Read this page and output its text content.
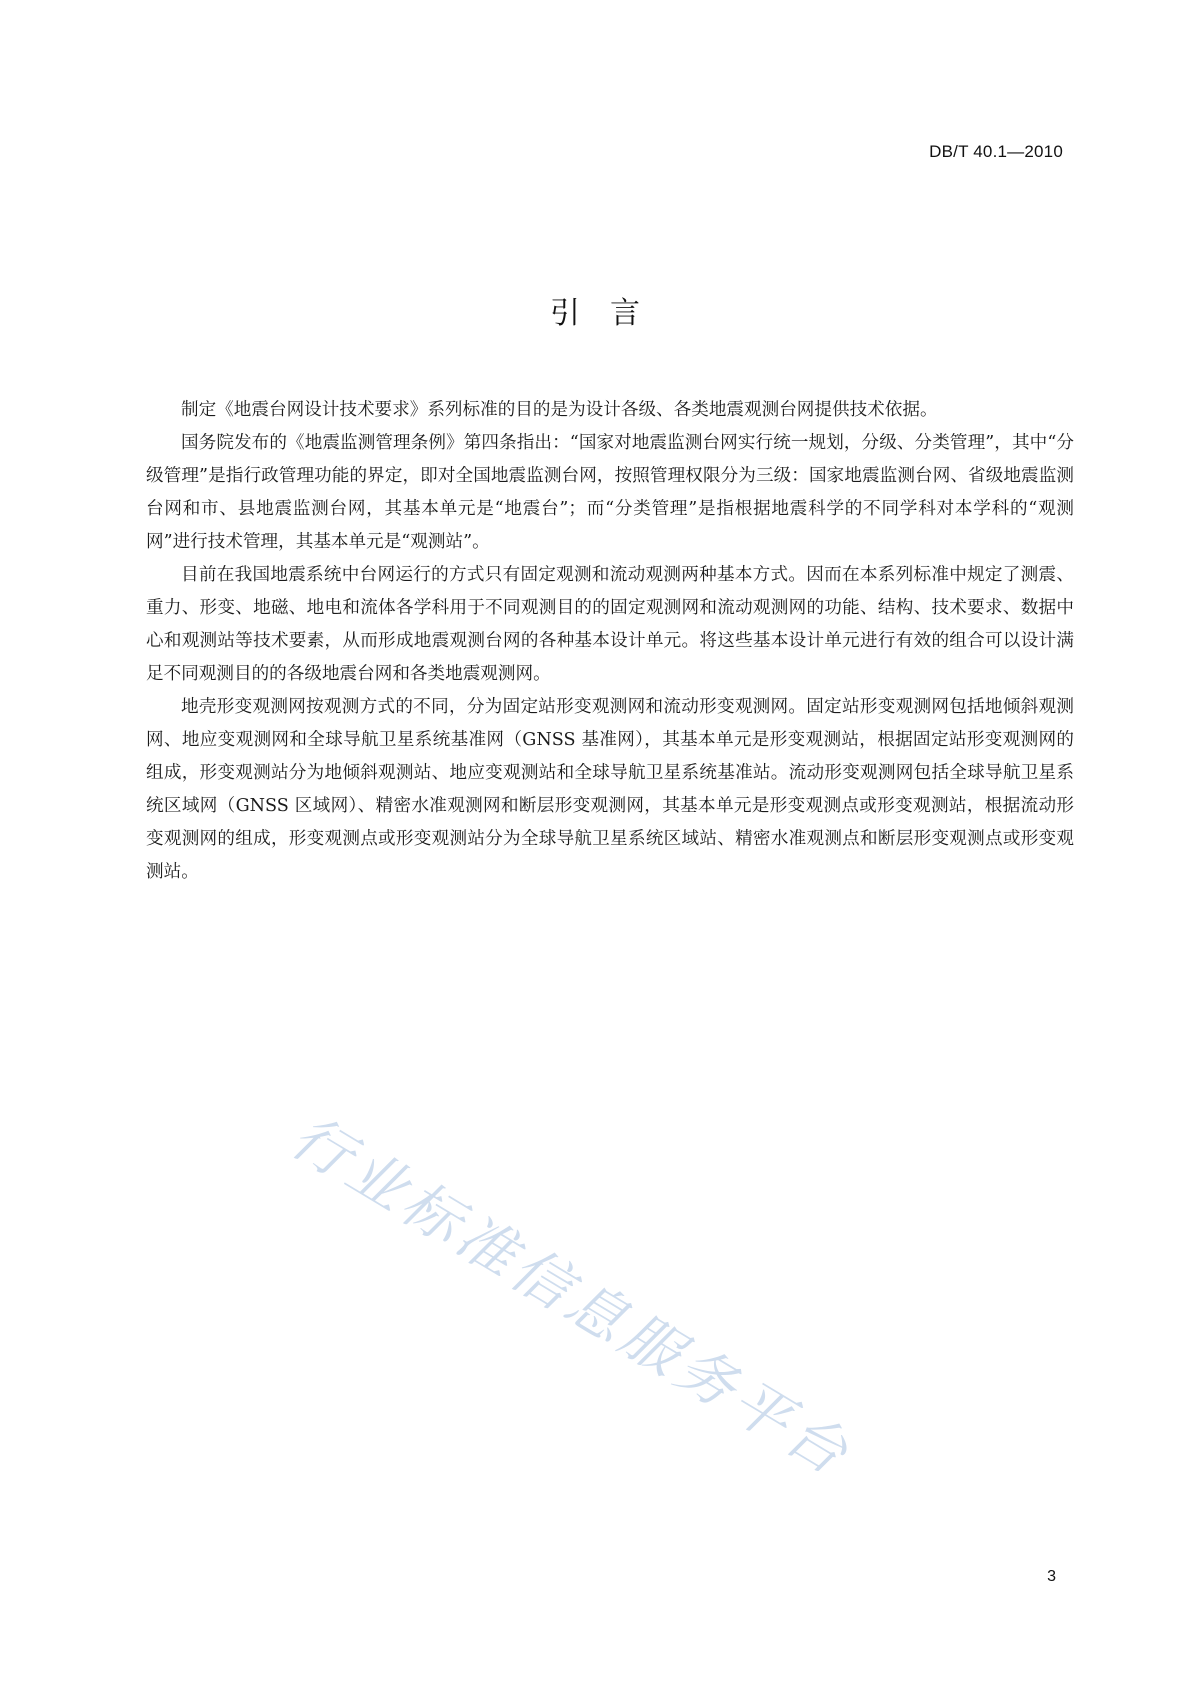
DB/T 40.1—2010
引言

制定《地震台网设计技术要求》系列标准的目的是为设计各级、各类地震观测台网提供技术依据。

国务院发布的《地震监测管理条例》第四条指出：“国家对地震监测台网实行统一规划，分级、分类管理”，其中“分级管理”是指行政管理功能的界定，即对全国地震监测台网，按照管理权限分为三级：国家地震监测台网、省级地震监测台网和市、县地震监测台网，其基本单元是“地震台”；而“分类管理”是指根据地震科学的不同学科对本学科的“观测网”进行技术管理，其基本单元是“观测站”。

目前在我国地震系统中台网运行的方式只有固定观测和流动观测两种基本方式。因而在本系列标准中规定了测震、重力、形变、地磁、地电和流体各学科用于不同观测目的的固定观测网和流动观测网的功能、结构、技术要求、数据中心和观测站等技术要素，从而形成地震观测台网的各种基本设计单元。将这些基本设计单元进行有效的组合可以设计满足不同观测目的的各级地震台网和各类地震观测网。

地壳形变观测网按观测方式的不同，分为固定站形变观测网和流动形变观测网。固定站形变观测网包括地倾斜观测网、地应变观测网和全球导航卫星系统基准网（GNSS 基准网），其基本单元是形变观测站，根据固定站形变观测网的组成，形变观测站分为地倾斜观测站、地应变观测站和全球导航卫星系统基准站。流动形变观测网包括全球导航卫星系统区域网（GNSS 区域网）、精密水准观测网和断层形变观测网，其基本单元是形变观测点或形变观测站，根据流动形变观测网的组成，形变观测点或形变观测站分为全球导航卫星系统区域站、精密水准观测点和断层形变观测点或形变观测站。

行业标准信息服务平台
3
